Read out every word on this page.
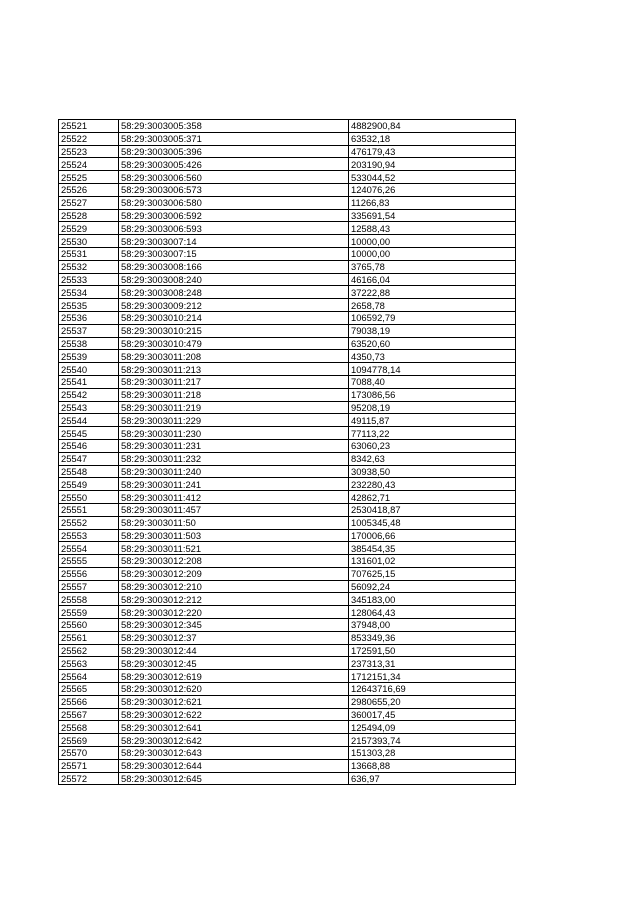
25521	58:29:3003005:358	4882900,84
25522	58:29:3003005:371	63532,18
25523	58:29:3003005:396	476179,43
25524	58:29:3003005:426	203190,94
25525	58:29:3003006:560	533044,52
25526	58:29:3003006:573	124076,26
25527	58:29:3003006:580	11266,83
25528	58:29:3003006:592	335691,54
25529	58:29:3003006:593	12588,43
25530	58:29:3003007:14	10000,00
25531	58:29:3003007:15	10000,00
25532	58:29:3003008:166	3765,78
25533	58:29:3003008:240	46166,04
25534	58:29:3003008:248	37222,88
25535	58:29:3003009:212	2658,78
25536	58:29:3003010:214	106592,79
25537	58:29:3003010:215	79038,19
25538	58:29:3003010:479	63520,60
25539	58:29:3003011:208	4350,73
25540	58:29:3003011:213	1094778,14
25541	58:29:3003011:217	7088,40
25542	58:29:3003011:218	173086,56
25543	58:29:3003011:219	95208,19
25544	58:29:3003011:229	49115,87
25545	58:29:3003011:230	77113,22
25546	58:29:3003011:231	63060,23
25547	58:29:3003011:232	8342,63
25548	58:29:3003011:240	30938,50
25549	58:29:3003011:241	232280,43
25550	58:29:3003011:412	42862,71
25551	58:29:3003011:457	2530418,87
25552	58:29:3003011:50	1005345,48
25553	58:29:3003011:503	170006,66
25554	58:29:3003011:521	385454,35
25555	58:29:3003012:208	131601,02
25556	58:29:3003012:209	707625,15
25557	58:29:3003012:210	56092,24
25558	58:29:3003012:212	345183,00
25559	58:29:3003012:220	128064,43
25560	58:29:3003012:345	37948,00
25561	58:29:3003012:37	853349,36
25562	58:29:3003012:44	172591,50
25563	58:29:3003012:45	237313,31
25564	58:29:3003012:619	1712151,34
25565	58:29:3003012:620	12643716,69
25566	58:29:3003012:621	2980655,20
25567	58:29:3003012:622	360017,45
25568	58:29:3003012:641	125494,09
25569	58:29:3003012:642	2157393,74
25570	58:29:3003012:643	151303,28
25571	58:29:3003012:644	13668,88
25572	58:29:3003012:645	636,97
